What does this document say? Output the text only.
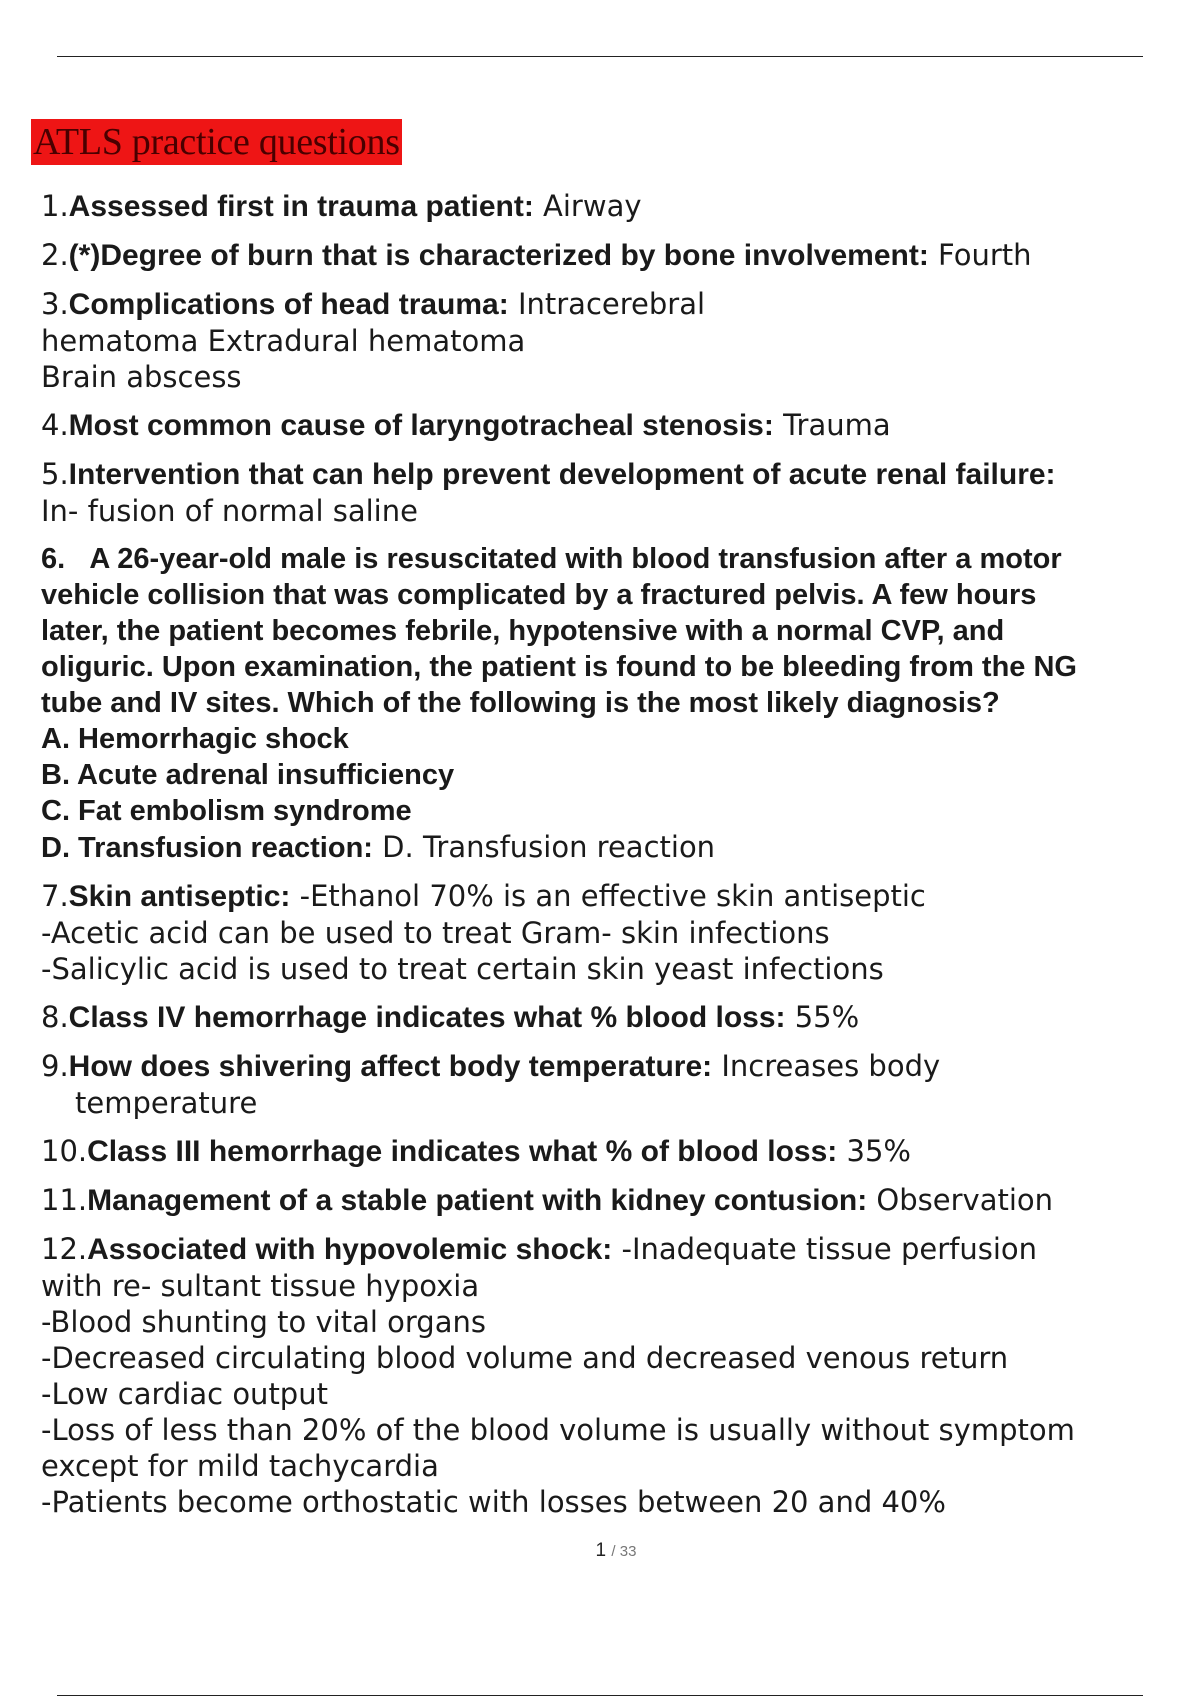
ATLS practice questions

1.Assessed first in trauma patient: Airway

2.(*)Degree of burn that is characterized by bone involvement: Fourth

3.Complications of head trauma: Intracerebral

hematoma Extradural hematoma

Brain abscess

4.Most common cause of laryngotracheal stenosis: Trauma

5.Intervention that can help prevent development of acute renal failure:

In- fusion of normal saline

6. A 26-year-old male is resuscitated with blood transfusion after a motor

vehicle collision that was complicated by a fractured pelvis. A few hours

later, the patient becomes febrile, hypotensive with a normal CVP, and

oliguric. Upon examination, the patient is found to be bleeding from the NG

tube and IV sites. Which of the following is the most likely diagnosis?

A. Hemorrhagic shock

B. Acute adrenal insufficiency

C. Fat embolism syndrome

D. Transfusion reaction: D. Transfusion reaction

7.Skin antiseptic: -Ethanol 70% is an effective skin antiseptic

-Acetic acid can be used to treat Gram- skin infections

-Salicylic acid is used to treat certain skin yeast infections

8.Class IV hemorrhage indicates what % blood loss: 55%

9.How does shivering affect body temperature: Increases body

temperature

10.Class III hemorrhage indicates what % of blood loss: 35%

11.Management of a stable patient with kidney contusion: Observation

12.Associated with hypovolemic shock: -Inadequate tissue perfusion

with re- sultant tissue hypoxia

-Blood shunting to vital organs

-Decreased circulating blood volume and decreased venous return

-Low cardiac output

-Loss of less than 20% of the blood volume is usually without symptom

except for mild tachycardia

-Patients become orthostatic with losses between 20 and 40%

1 / 33
